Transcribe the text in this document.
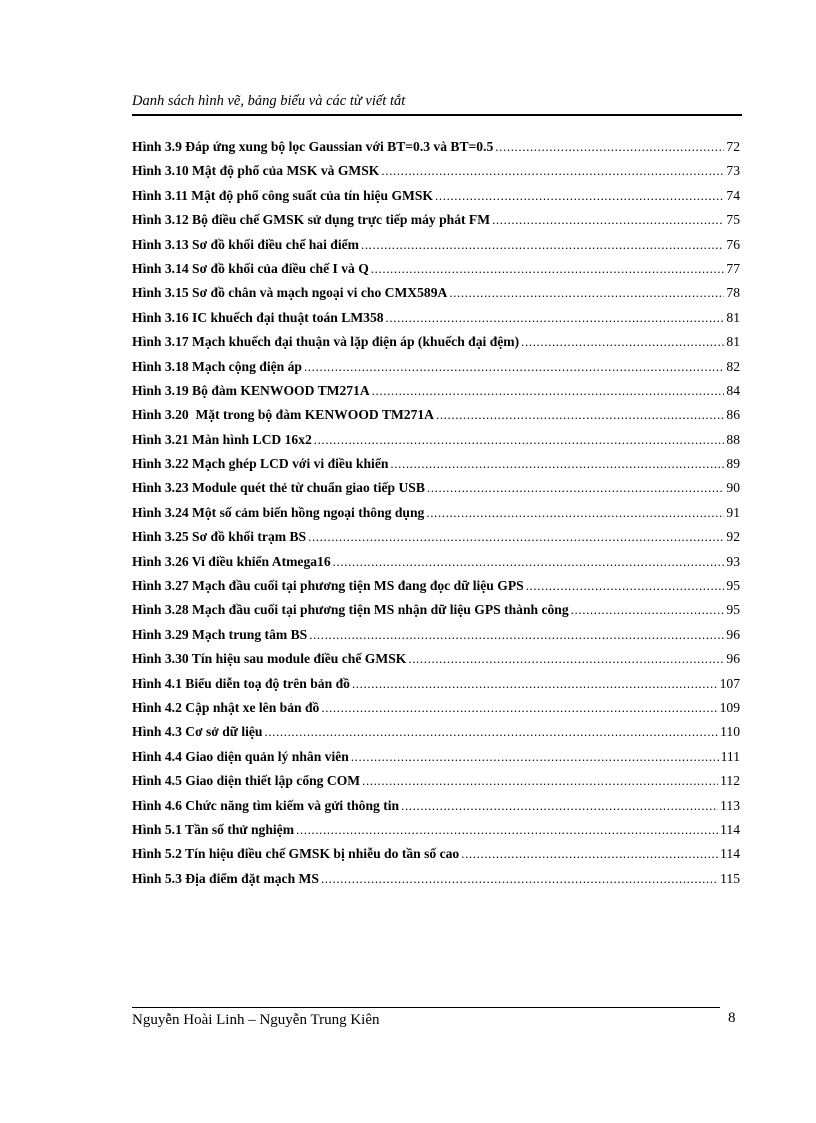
Danh sách hình vẽ, bảng biểu và các từ viết tắt
Hình 3.9 Đáp ứng xung bộ lọc Gaussian với BT=0.3 và BT=0.5 .....	72
Hình 3.10 Mật độ phổ của MSK và GMSK .....	73
Hình 3.11 Mật độ phổ công suất của tín hiệu GMSK .....	74
Hình 3.12 Bộ điều chế GMSK sử dụng trực tiếp máy phát FM .....	75
Hình 3.13 Sơ đồ khối điều chế hai điểm .....	76
Hình 3.14 Sơ đồ khối của điều chế I và Q .....	77
Hình 3.15 Sơ đồ chân và mạch ngoại vi cho CMX589A .....	78
Hình 3.16 IC khuếch đại thuật toán LM358 .....	81
Hình 3.17 Mạch khuếch đại thuận và lặp điện áp (khuếch đại đệm) .....	81
Hình 3.18 Mạch cộng điện áp .....	82
Hình 3.19 Bộ đàm KENWOOD TM271A .....	84
Hình 3.20  Mặt trong bộ đàm KENWOOD TM271A .....	86
Hình 3.21 Màn hình LCD 16x2 .....	88
Hình 3.22 Mạch ghép LCD với vi điều khiển .....	89
Hình 3.23 Module quét thẻ từ chuẩn giao tiếp USB .....	90
Hình 3.24 Một số cảm biến hồng ngoại thông dụng .....	91
Hình 3.25 Sơ đồ khối trạm BS .....	92
Hình 3.26 Vi điều khiển Atmega16 .....	93
Hình 3.27 Mạch đầu cuối tại phương tiện MS đang đọc dữ liệu GPS .....	95
Hình 3.28 Mạch đầu cuối tại phương tiện MS nhận dữ liệu GPS thành công .....	95
Hình 3.29 Mạch trung tâm BS .....	96
Hình 3.30 Tín hiệu sau module điều chế GMSK .....	96
Hình 4.1 Biểu diễn toạ độ trên bản đồ .....	107
Hình 4.2 Cập nhật xe lên bản đồ .....	109
Hình 4.3 Cơ sở dữ liệu .....	110
Hình 4.4 Giao diện quản lý nhân viên .....	111
Hình 4.5 Giao diện thiết lập cổng COM .....	112
Hình 4.6 Chức năng tìm kiếm và gửi thông tin .....	113
Hình 5.1 Tần số thử nghiệm .....	114
Hình 5.2 Tín hiệu điều chế GMSK bị nhiễu do tần số cao .....	114
Hình 5.3 Địa điểm đặt mạch MS .....	115
Nguyễn Hoài Linh – Nguyễn Trung Kiên	8
